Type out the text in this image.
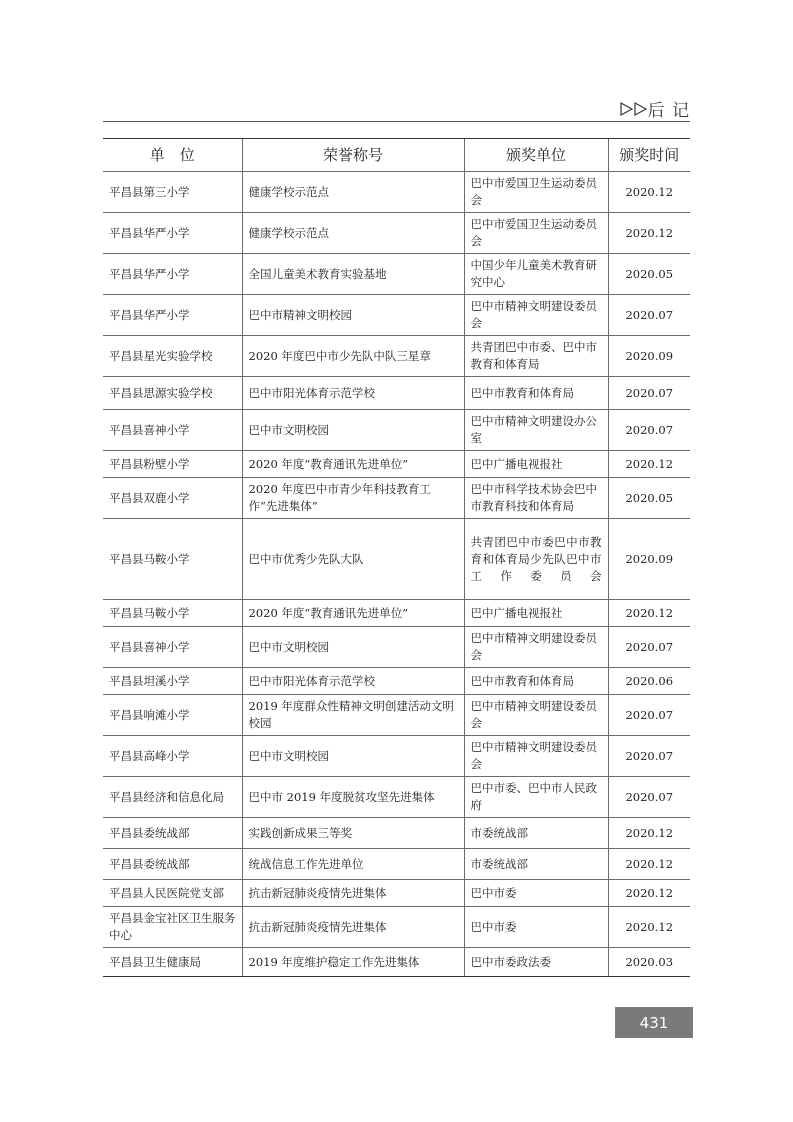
后 记
单　位	荣誉称号	颁奖单位	颁奖时间
平昌县第三小学	健康学校示范点	巴中市爱国卫生运动委员会	2020.12
平昌县华严小学	健康学校示范点	巴中市爱国卫生运动委员会	2020.12
平昌县华严小学	全国儿童美术教育实验基地	中国少年儿童美术教育研究中心	2020.05
平昌县华严小学	巴中市精神文明校园	巴中市精神文明建设委员会	2020.07
平昌县星光实验学校	2020 年度巴中市少先队中队三星章	共青团巴中市委、巴中市教育和体育局	2020.09
平昌县思源实验学校	巴中市阳光体育示范学校	巴中市教育和体育局	2020.07
平昌县喜神小学	巴中市文明校园	巴中市精神文明建设办公室	2020.07
平昌县粉壁小学	2020 年度“教育通讯先进单位”	巴中广播电视报社	2020.12
平昌县双鹿小学	2020 年度巴中市青少年科技教育工作“先进集体”	巴中市科学技术协会巴中市教育科技和体育局	2020.05
平昌县马鞍小学	巴中市优秀少先队大队	共青团巴中市委巴中市教育和体育局少先队巴中市工作委员会	2020.09
平昌县马鞍小学	2020 年度“教育通讯先进单位”	巴中广播电视报社	2020.12
平昌县喜神小学	巴中市文明校园	巴中市精神文明建设委员会	2020.07
平昌县坦溪小学	巴中市阳光体育示范学校	巴中市教育和体育局	2020.06
平昌县响滩小学	2019 年度群众性精神文明创建活动文明校园	巴中市精神文明建设委员会	2020.07
平昌县高峰小学	巴中市文明校园	巴中市精神文明建设委员会	2020.07
平昌县经济和信息化局	巴中市 2019 年度脱贫攻坚先进集体	巴中市委、巴中市人民政府	2020.07
平昌县委统战部	实践创新成果三等奖	市委统战部	2020.12
平昌县委统战部	统战信息工作先进单位	市委统战部	2020.12
平昌县人民医院党支部	抗击新冠肺炎疫情先进集体	巴中市委	2020.12
平昌县金宝社区卫生服务中心	抗击新冠肺炎疫情先进集体	巴中市委	2020.12
平昌县卫生健康局	2019 年度维护稳定工作先进集体	巴中市委政法委	2020.03
431
